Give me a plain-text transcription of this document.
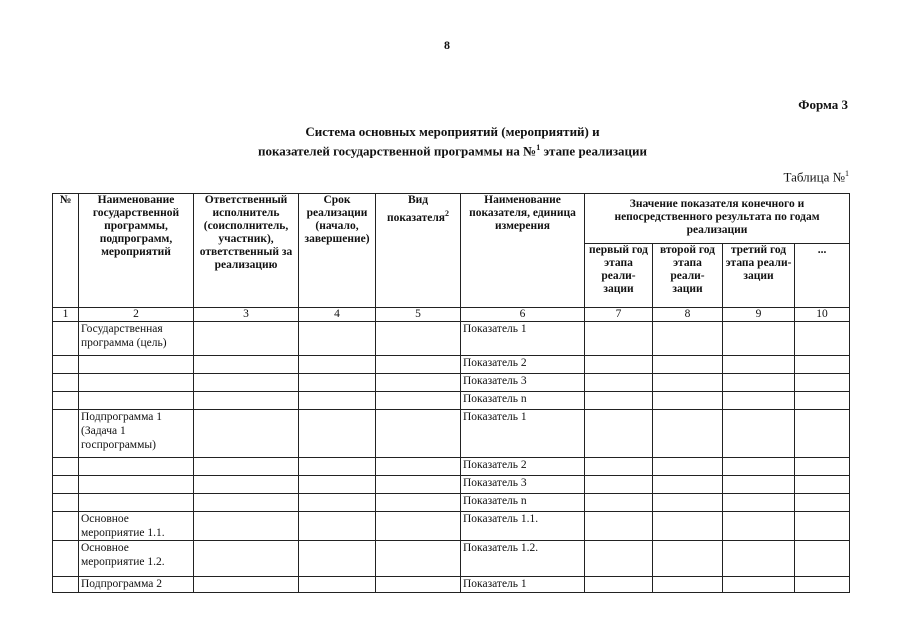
8
Форма 3
Система основных мероприятий (мероприятий) и
показателей государственной программы на №$^1$ этапе реализации
Таблица №$^1$
№	Наименование государственной программы, подпрограмм, мероприятий	Ответственный исполнитель (соисполнитель, участник), ответственный за реализацию	Срок реализации (начало, завершение)	Вид показателя$^2$	Наименование показателя, единица измерения	Значение показателя конечного и непосредственного результата по годам реализации			
						первый год этапа реали- зации	второй год этапа реали- зации	третий год этапа реали- зации	...
1	2	3	4	5	6	7	8	9	10
	Государственная программа (цель)				Показатель 1				
					Показатель 2				
					Показатель 3				
					Показатель n				
	Подпрограмма 1 (Задача 1 госпрограммы)				Показатель 1				
					Показатель 2				
					Показатель 3				
					Показатель n				
	Основное мероприятие 1.1.				Показатель 1.1.				
	Основное мероприятие 1.2.				Показатель 1.2.				
	Подпрограмма 2				Показатель 1				
